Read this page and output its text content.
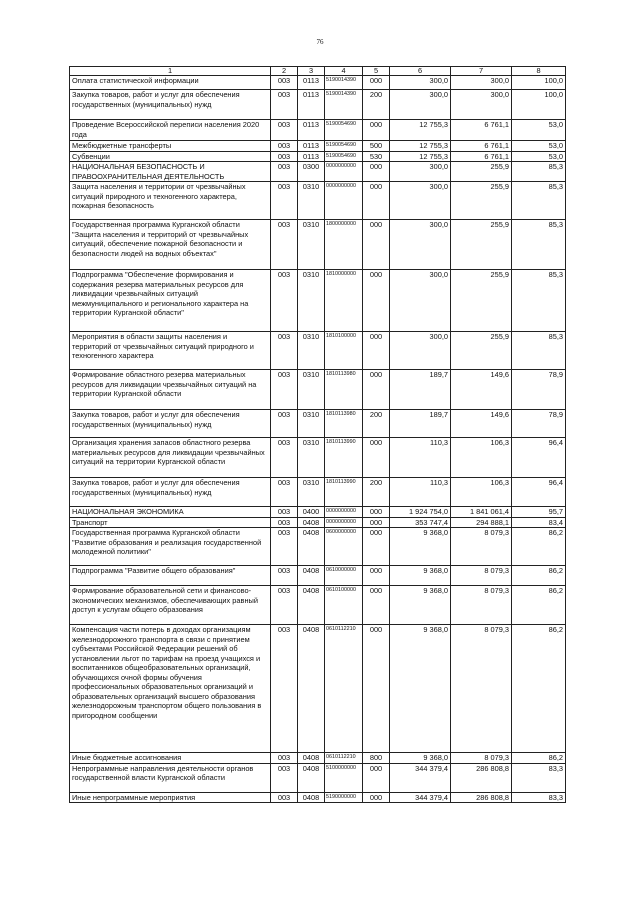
76
1	2	3	4	5	6	7	8
Оплата статистической информации	003	0113	5190014390	000	300,0	300,0	100,0
Закупка товаров, работ и услуг для обеспечения государственных (муниципальных) нужд	003	0113	5190014390	200	300,0	300,0	100,0
Проведение Всероссийской переписи населения 2020 года	003	0113	5190054690	000	12 755,3	6 761,1	53,0
Межбюджетные трансферты	003	0113	5190054690	500	12 755,3	6 761,1	53,0
Субвенции	003	0113	5190054690	530	12 755,3	6 761,1	53,0
НАЦИОНАЛЬНАЯ БЕЗОПАСНОСТЬ И ПРАВООХРАНИТЕЛЬНАЯ ДЕЯТЕЛЬНОСТЬ	003	0300	0000000000	000	300,0	255,9	85,3
Защита населения и территории от чрезвычайных ситуаций природного и техногенного характера, пожарная безопасность	003	0310	0000000000	000	300,0	255,9	85,3
Государственная программа Курганской области "Защита населения и территорий от чрезвычайных ситуаций, обеспечение пожарной безопасности и безопасности людей на водных объектах"	003	0310	1800000000	000	300,0	255,9	85,3
Подпрограмма "Обеспечение формирования и содержания резерва материальных ресурсов для ликвидации чрезвычайных ситуаций межмуниципального и регионального характера на территории Курганской области"	003	0310	1810000000	000	300,0	255,9	85,3
Мероприятия в области защиты населения и территорий от чрезвычайных ситуаций природного и техногенного характера	003	0310	1810100000	000	300,0	255,9	85,3
Формирование областного резерва материальных ресурсов для ликвидации чрезвычайных ситуаций на территории Курганской области	003	0310	1810113980	000	189,7	149,6	78,9
Закупка товаров, работ и услуг для обеспечения государственных (муниципальных) нужд	003	0310	1810113980	200	189,7	149,6	78,9
Организация хранения запасов областного резерва материальных ресурсов для ликвидации чрезвычайных ситуаций на территории Курганской области	003	0310	1810113990	000	110,3	106,3	96,4
Закупка товаров, работ и услуг для обеспечения государственных (муниципальных) нужд	003	0310	1810113990	200	110,3	106,3	96,4
НАЦИОНАЛЬНАЯ ЭКОНОМИКА	003	0400	0000000000	000	1 924 754,0	1 841 061,4	95,7
Транспорт	003	0408	0000000000	000	353 747,4	294 888,1	83,4
Государственная программа Курганской области "Развитие образования и реализация государственной молодежной политики"	003	0408	0600000000	000	9 368,0	8 079,3	86,2
Подпрограмма "Развитие общего образования"	003	0408	0610000000	000	9 368,0	8 079,3	86,2
Формирование образовательной сети и финансово-экономических механизмов, обеспечивающих равный доступ к услугам общего образования	003	0408	0610100000	000	9 368,0	8 079,3	86,2
Компенсация части потерь в доходах организациям железнодорожного транспорта в связи с принятием субъектами Российской Федерации решений об установлении льгот по тарифам на проезд учащихся и воспитанников общеобразовательных организаций, обучающихся очной формы обучения профессиональных образовательных организаций и образовательных организаций высшего образования железнодорожным транспортом общего пользования в пригородном сообщении	003	0408	0610112210	000	9 368,0	8 079,3	86,2
Иные бюджетные ассигнования	003	0408	0610112210	800	9 368,0	8 079,3	86,2
Непрограммные направления деятельности органов государственной власти Курганской области	003	0408	5100000000	000	344 379,4	286 808,8	83,3
Иные непрограммные мероприятия	003	0408	5190000000	000	344 379,4	286 808,8	83,3
